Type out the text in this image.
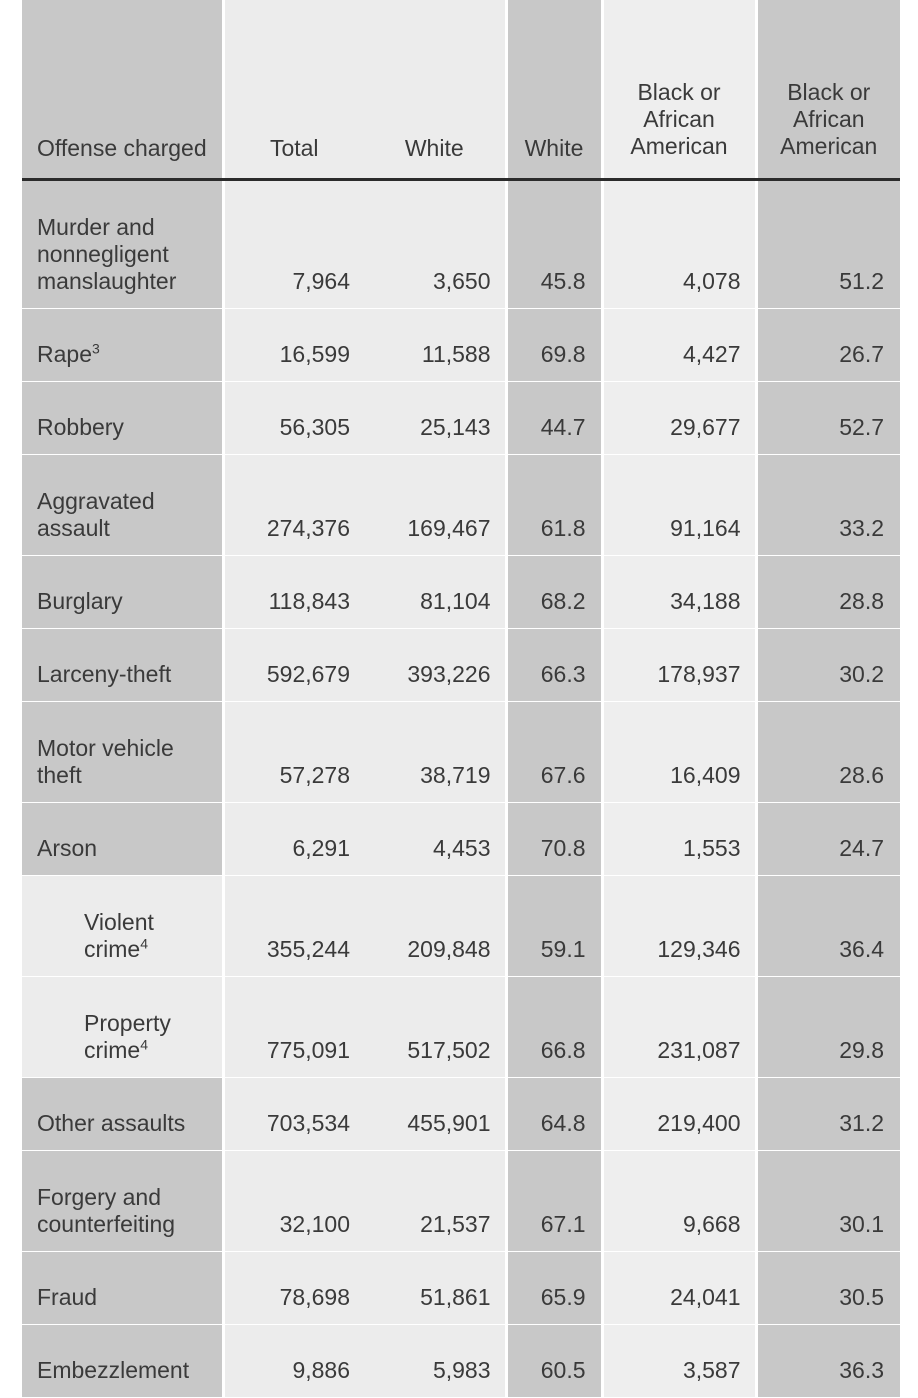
Offense charged	Total	White	White	Black or African American	Black or African American
Murder and nonnegligent manslaughter	7,964	3,650	45.8	4,078	51.2
Rape$^3$	16,599	11,588	69.8	4,427	26.7
Robbery	56,305	25,143	44.7	29,677	52.7
Aggravated assault	274,376	169,467	61.8	91,164	33.2
Burglary	118,843	81,104	68.2	34,188	28.8
Larceny-theft	592,679	393,226	66.3	178,937	30.2
Motor vehicle theft	57,278	38,719	67.6	16,409	28.6
Arson	6,291	4,453	70.8	1,553	24.7
Violent crime$^4$	355,244	209,848	59.1	129,346	36.4
Property crime$^4$	775,091	517,502	66.8	231,087	29.8
Other assaults	703,534	455,901	64.8	219,400	31.2
Forgery and counterfeiting	32,100	21,537	67.1	9,668	30.1
Fraud	78,698	51,861	65.9	24,041	30.5
Embezzlement	9,886	5,983	60.5	3,587	36.3
